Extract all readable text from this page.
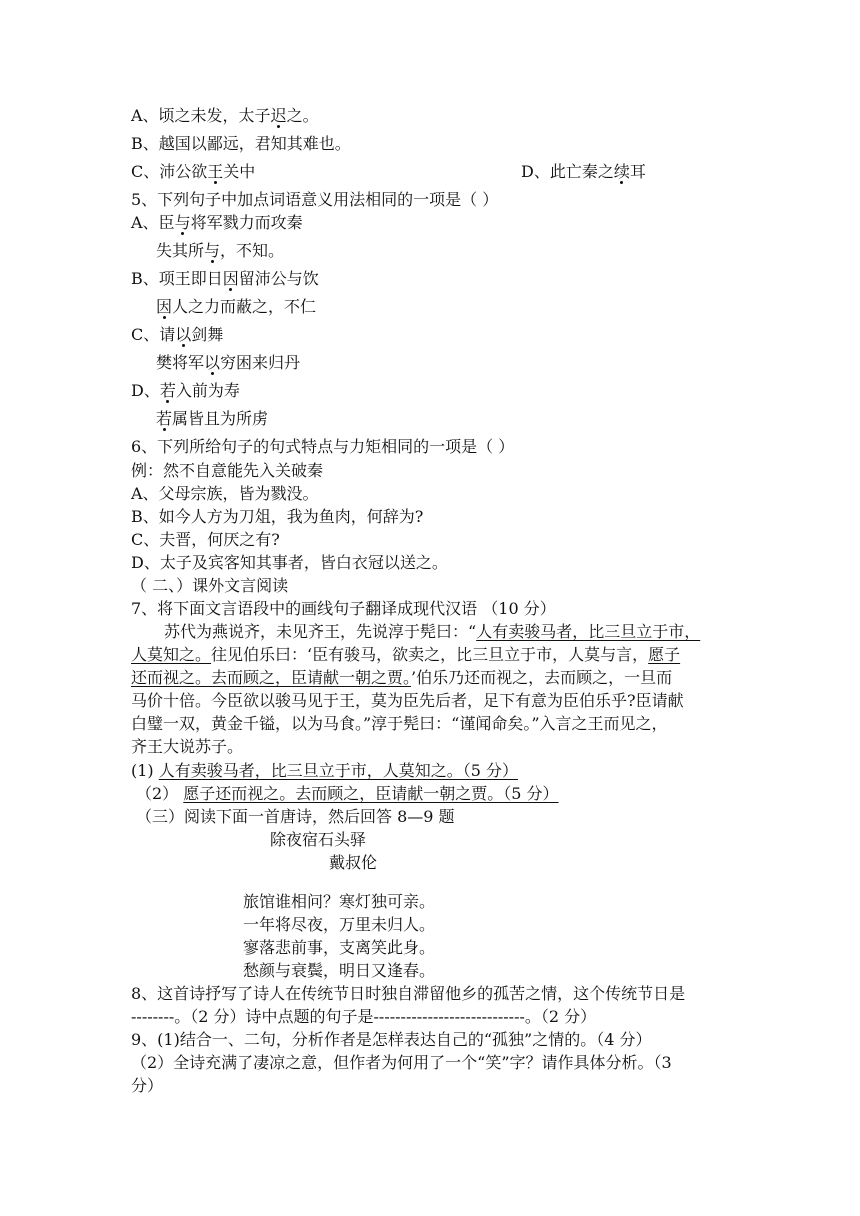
A、顷之未发，太子迟之。
B、越国以鄙远，君知其难也。
C、沛公欲王关中	D、此亡秦之续耳
5、下列句子中加点词语意义用法相同的一项是（ ）
A、臣与将军戮力而攻秦
失其所与，不知。
B、项王即日因留沛公与饮
因人之力而蔽之，不仁
C、请以剑舞
樊将军以穷困来归丹
D、若入前为寿
若属皆且为所虏
6、下列所给句子的句式特点与力矩相同的一项是（ ）
例：然不自意能先入关破秦
A、父母宗族，皆为戮没。
B、如今人方为刀俎，我为鱼肉，何辞为?
C、夫晋，何厌之有?
D、太子及宾客知其事者，皆白衣冠以送之。
（ 二、）课外文言阅读
7、将下面文言语段中的画线句子翻译成现代汉语 （10 分）
苏代为燕说齐，未见齐王，先说淳于髡曰：“人有卖骏马者，比三旦立于市，
人莫知之。往见伯乐曰：‘臣有骏马，欲卖之，比三旦立于市，人莫与言，愿子
还而视之。去而顾之，臣请献一朝之贾。’伯乐乃还而视之，去而顾之，一旦而
马价十倍。今臣欲以骏马见于王，莫为臣先后者，足下有意为臣伯乐乎?臣请献
白璧一双，黄金千镒，以为马食。”淳于髡曰：“谨闻命矣。”入言之王而见之，
齐王大说苏子。
(1) 人有卖骏马者，比三旦立于市，人莫知之。（5 分）
（2） 愿子还而视之。去而顾之，臣请献一朝之贾。（5 分）
（三）阅读下面一首唐诗，然后回答 8—9 题
除夜宿石头驿
戴叔伦
旅馆谁相问？寒灯独可亲。
一年将尽夜，万里未归人。
寥落悲前事，支离笑此身。
愁颜与衰鬓，明日又逢春。
8、这首诗抒写了诗人在传统节日时独自滞留他乡的孤苦之情，这个传统节日是
--------。（2 分）诗中点题的句子是----------------------------。（2 分）
9、(1)结合一、二句，分析作者是怎样表达自己的“孤独”之情的。（4 分）
（2）全诗充满了凄凉之意，但作者为何用了一个“笑”字？请作具体分析。（3
分）
